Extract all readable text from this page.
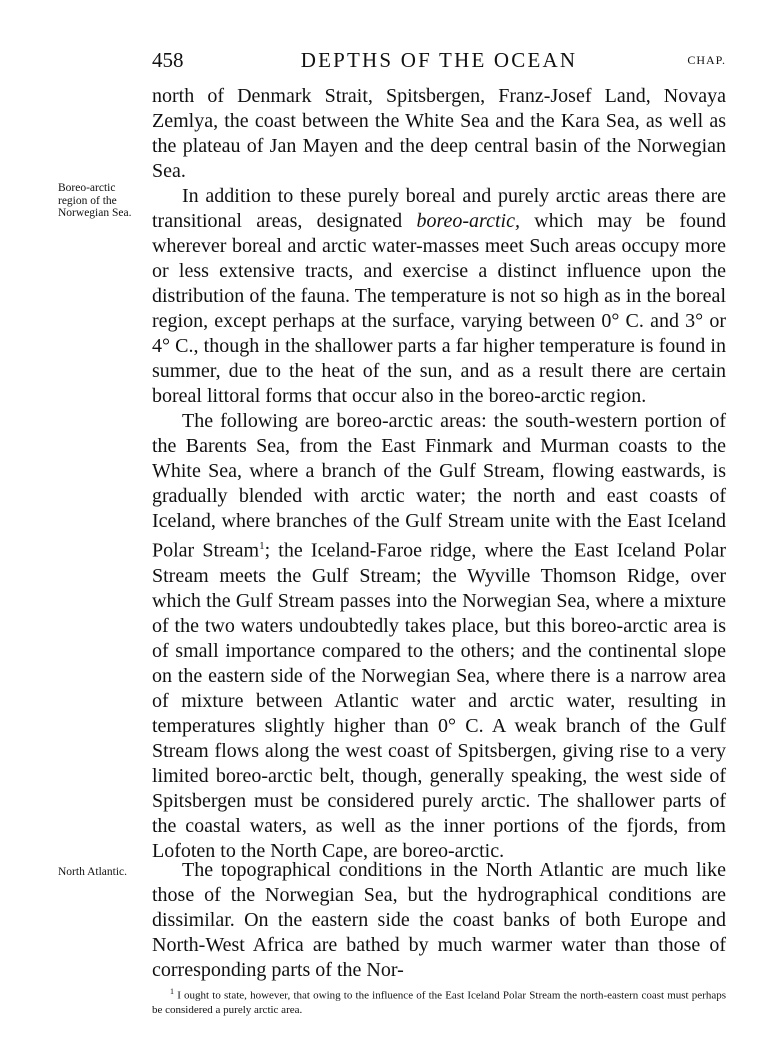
458	DEPTHS OF THE OCEAN	CHAP.

north of Denmark Strait, Spitsbergen, Franz-Josef Land, Novaya Zemlya, the coast between the White Sea and the Kara Sea, as well as the plateau of Jan Mayen and the deep central basin of the Norwegian Sea.

In addition to these purely boreal and purely arctic areas there are transitional areas, designated boreo-arctic, which may be found wherever boreal and arctic water-masses meet Such areas occupy more or less extensive tracts, and exercise a distinct influence upon the distribution of the fauna. The temperature is not so high as in the boreal region, except perhaps at the surface, varying between 0° C. and 3° or 4° C., though in the shallower parts a far higher temperature is found in summer, due to the heat of the sun, and as a result there are certain boreal littoral forms that occur also in the boreo-arctic region.

The following are boreo-arctic areas: the south-western portion of the Barents Sea, from the East Finmark and Murman coasts to the White Sea, where a branch of the Gulf Stream, flowing eastwards, is gradually blended with arctic water; the north and east coasts of Iceland, where branches of the Gulf Stream unite with the East Iceland Polar Stream$^1$; the Iceland-Faroe ridge, where the East Iceland Polar Stream meets the Gulf Stream; the Wyville Thomson Ridge, over which the Gulf Stream passes into the Norwegian Sea, where a mixture of the two waters undoubtedly takes place, but this boreo-arctic area is of small importance compared to the others; and the continental slope on the eastern side of the Norwegian Sea, where there is a narrow area of mixture between Atlantic water and arctic water, resulting in temperatures slightly higher than 0° C. A weak branch of the Gulf Stream flows along the west coast of Spitsbergen, giving rise to a very limited boreo-arctic belt, though, generally speaking, the west side of Spitsbergen must be considered purely arctic. The shallower parts of the coastal waters, as well as the inner portions of the fjords, from Lofoten to the North Cape, are boreo-arctic.

Boreo-arctic region of the Norwegian Sea.

The topographical conditions in the North Atlantic are much like those of the Norwegian Sea, but the hydrographical conditions are dissimilar. On the eastern side the coast banks of both Europe and North-West Africa are bathed by much warmer water than those of corresponding parts of the Nor-

North Atlantic.
$^1$ I ought to state, however, that owing to the influence of the East Iceland Polar Stream the north-eastern coast must perhaps be considered a purely arctic area.
